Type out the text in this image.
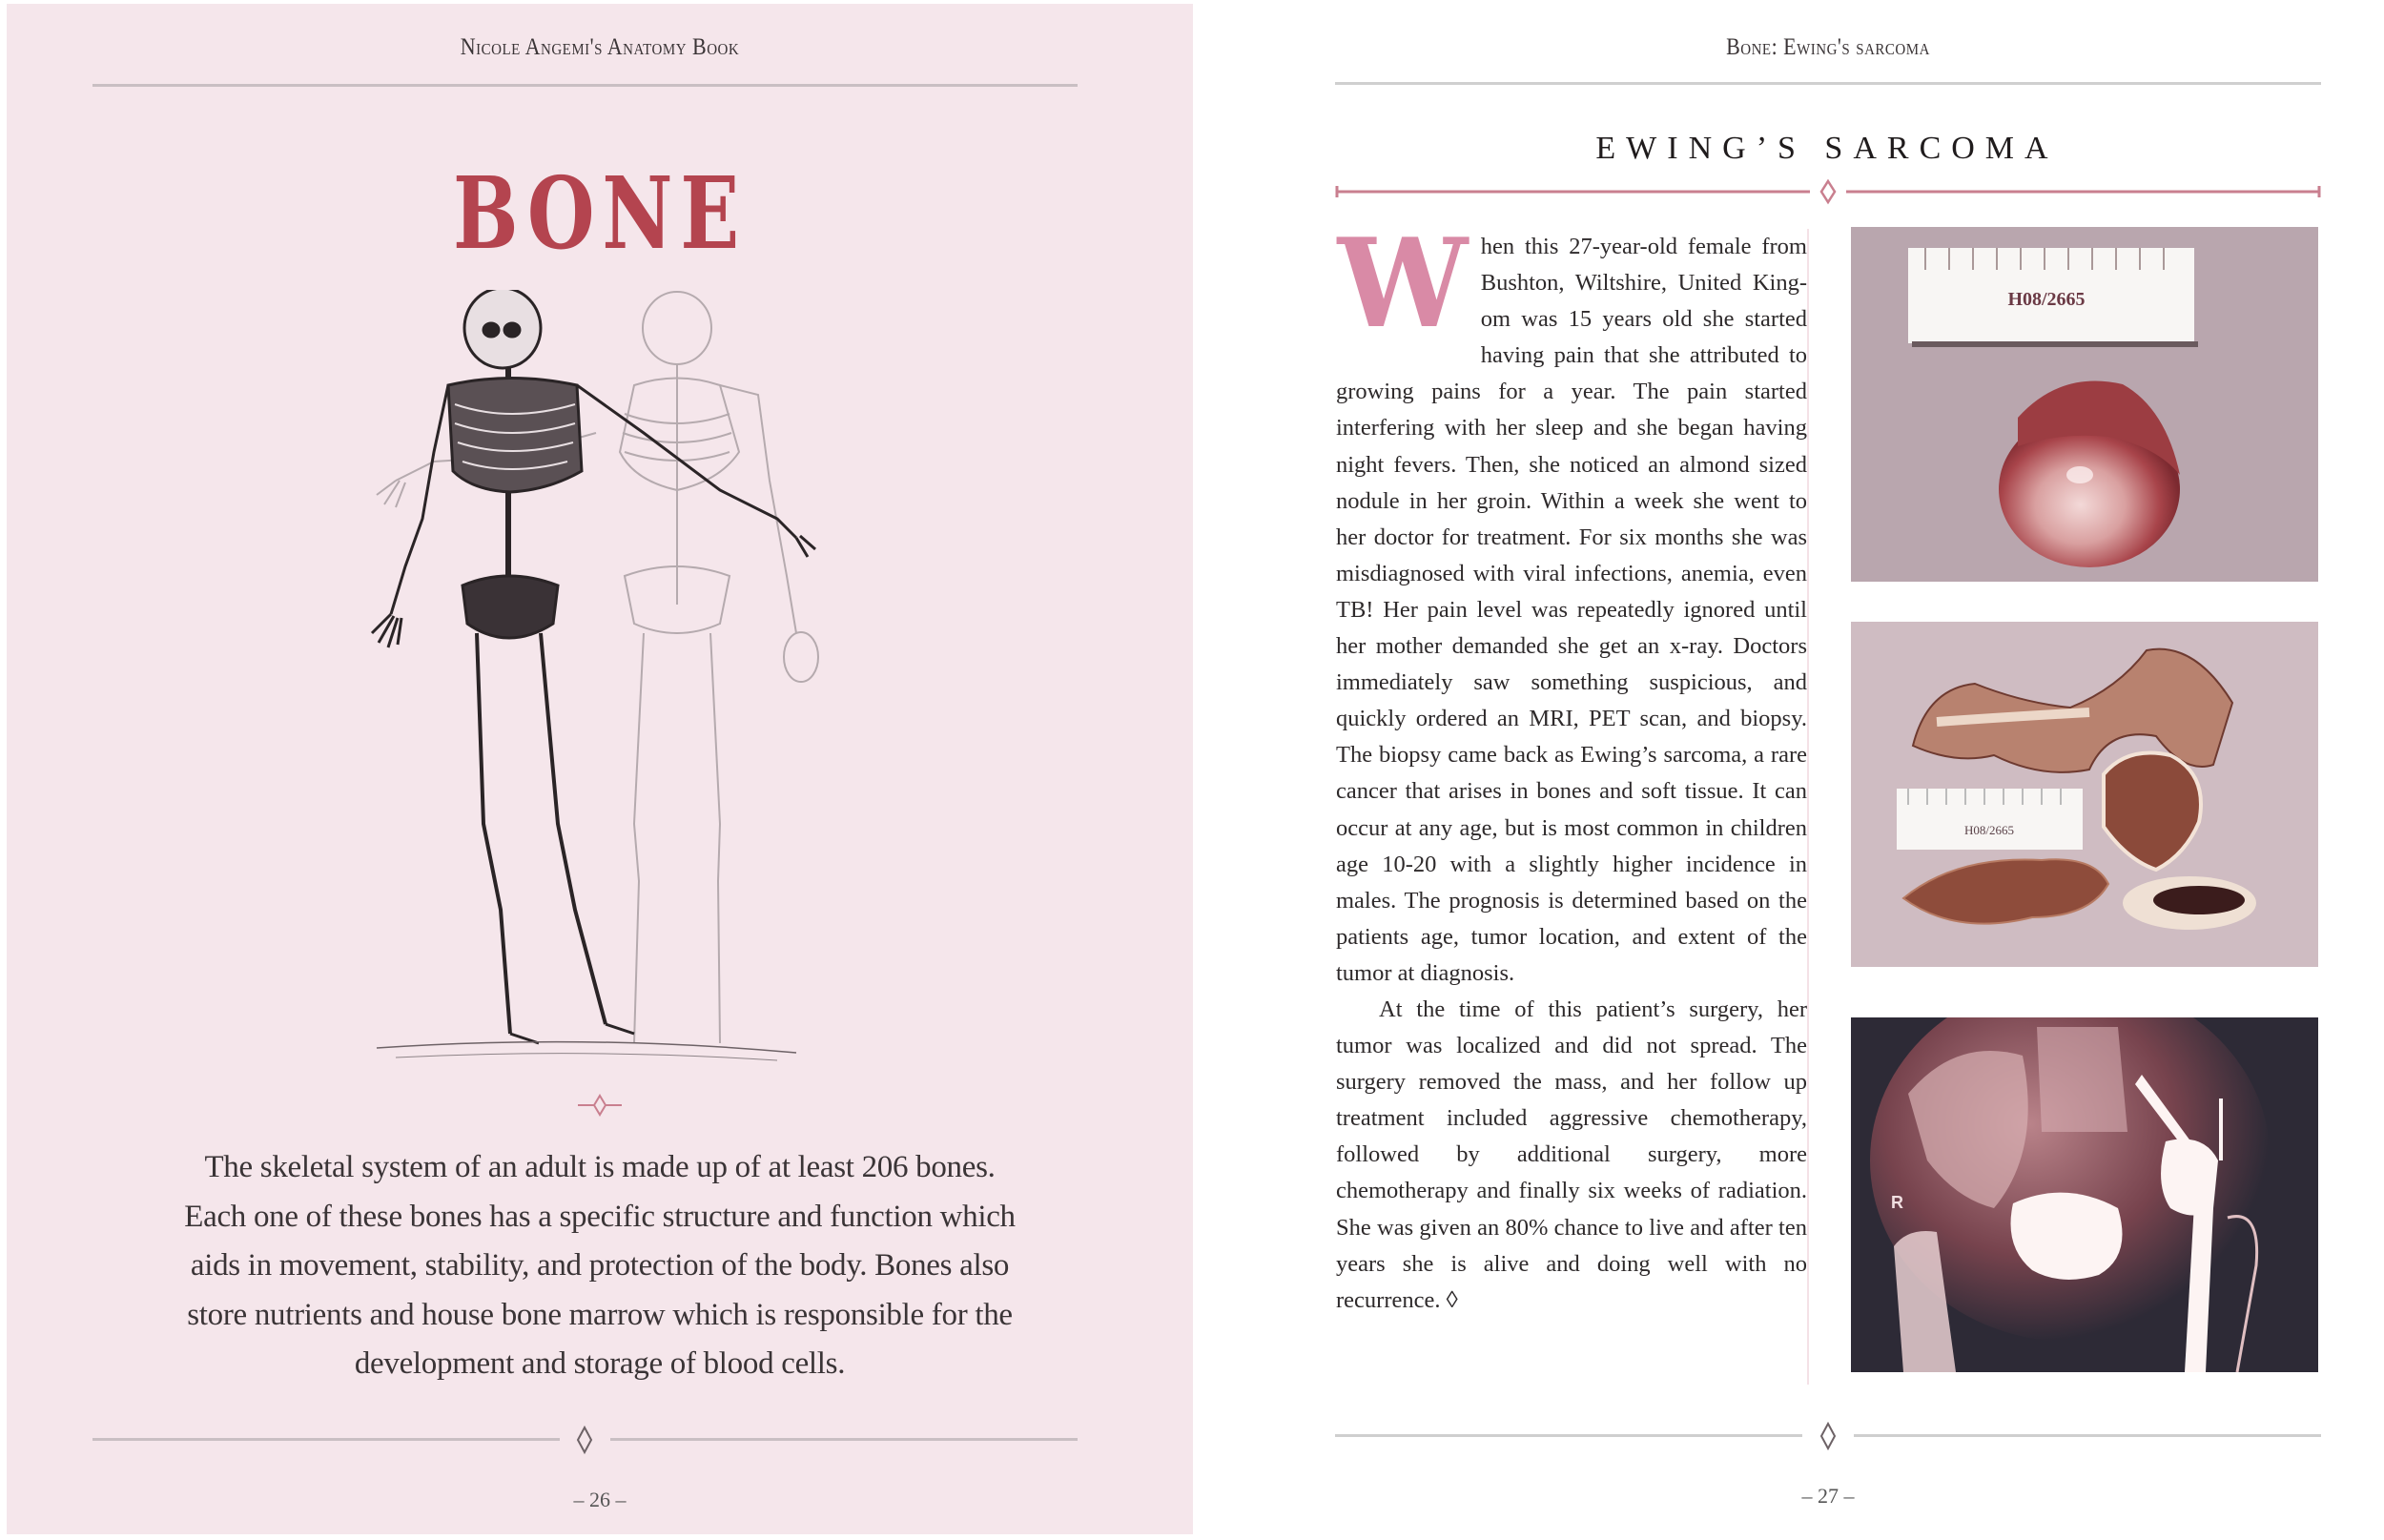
Nicole Angemi's Anatomy Book
BONE
The skeletal system of an adult is made up of at least 206 bones.
Each one of these bones has a specific structure and function which
aids in movement, stability, and protection of the body. Bones also
store nutrients and house bone marrow which is responsible for the
development and storage of blood cells.
– 26 –
Bone: Ewing's sarcoma
EWING’S SARCOMA

When this 27-year-old female from Bushton, Wiltshire, United Kingom was 15 years old she started having pain that she attributed to growing pains for a year. The pain started interfering with her sleep and she began having night fevers. Then, she noticed an almond sized nodule in her groin. Within a week she went to her doctor for treatment. For six months she was misdiagnosed with viral infections, anemia, even TB! Her pain level was repeatedly ignored until her mother demanded she get an x-ray. Doctors immediately saw something suspicious, and quickly ordered an MRI, PET scan, and biopsy. The biopsy came back as Ewing’s sarcoma, a rare cancer that arises in bones and soft tissue. It can occur at any age, but is most common in children age 10-20 with a slightly higher incidence in males. The prognosis is determined based on the patients age, tumor location, and extent of the tumor at diagnosis.

At the time of this patient’s surgery, her tumor was localized and did not spread. The surgery removed the mass, and her follow up treatment included aggressive chemotherapy, followed by additional surgery, more chemotherapy and finally six weeks of radiation. She was given an 80% chance to live and after ten years she is alive and doing well with no recurrence. ◊

H08/2665
H08/2665
R
– 27 –
